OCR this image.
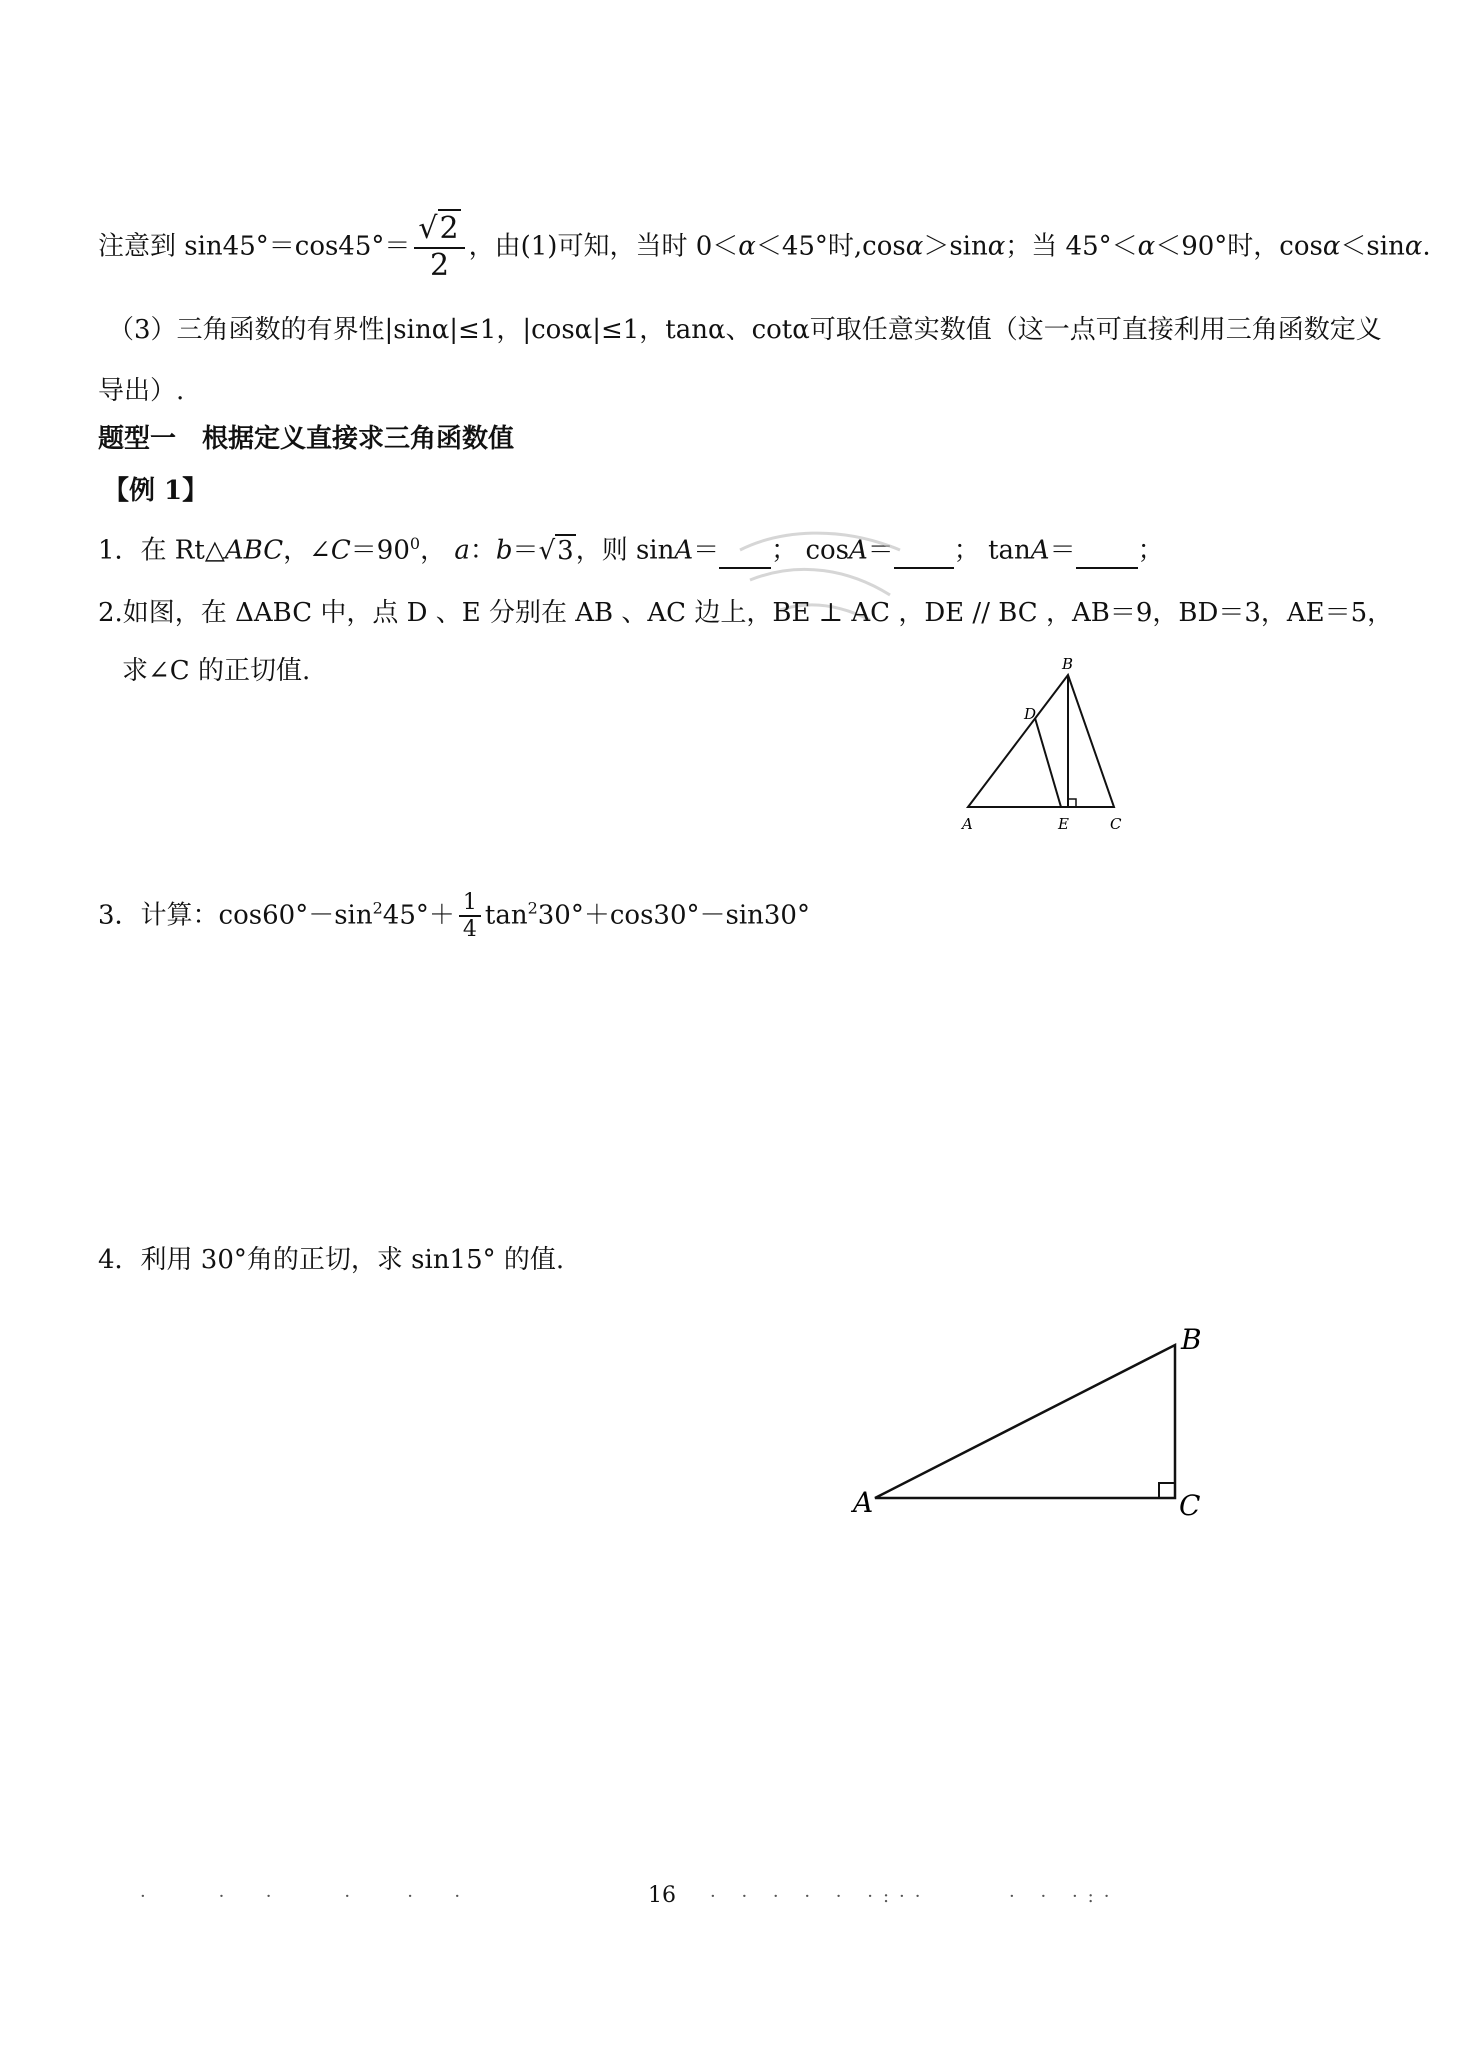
注意到 $\sin 45^\circ=\cos 45^\circ= \frac{√2}{2}$ ，由(1)可知，当时 0＜α＜45°时,cosα＞sinα；当 45°＜α＜90°时，cosα＜sinα.
（3）三角函数的有界性|sinα|≤1，|cosα|≤1，tanα、cotα可取任意实数值（这一点可直接利用三角函数定义
导出）.
题型一　根据定义直接求三角函数值
【例 1】
1．在 Rt△ABC，$\angle C=90^0$， a：b＝√3，则 sinA＝ ； cosA＝ ； tanA＝ ；
2.如图，在 ΔABC 中，点 D 、E 分别在 AB 、AC 边上，BE ⊥ AC ，DE // BC ，AB＝9，BD＝3，AE＝5，
求∠C 的正切值.	B
D
A	E	C
3．计算：$\cos 60^\circ-\sin^245^\circ+ \frac{1}{4} \tan^230^\circ+\cos 30^\circ-\sin 30^\circ$
4．利用 30°角的正切，求 sin15° 的值.
B
A	C
16
·    ·  ·    ·   ·  ·	· · · · · ·:··     · · ·:·
